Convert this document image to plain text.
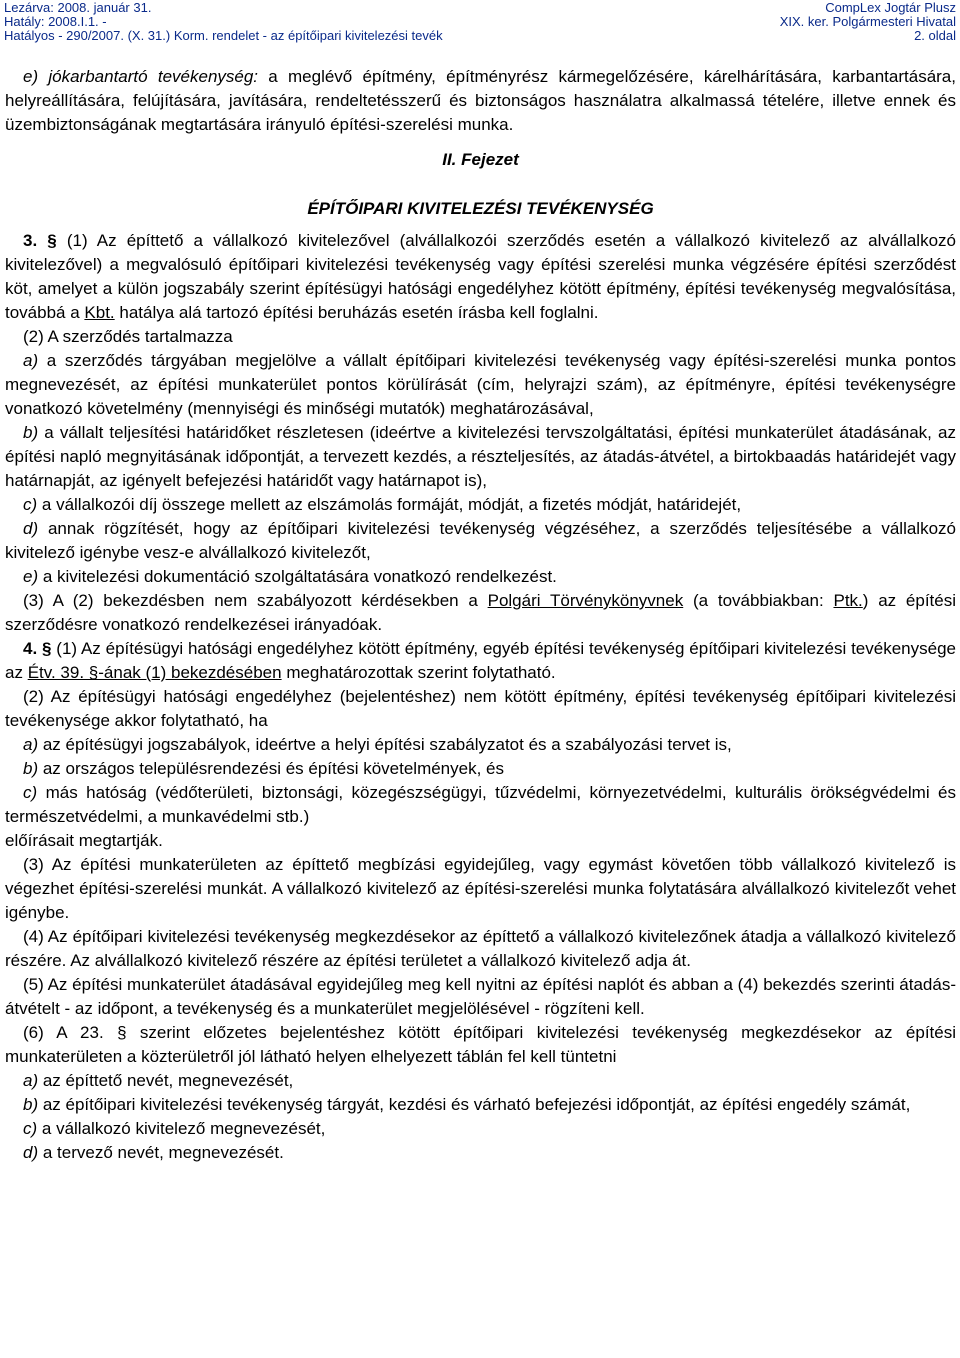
Lezárva: 2008. január 31.
Hatály: 2008.I.1. -
Hatályos - 290/2007. (X. 31.) Korm. rendelet - az építőipari kivitelezési tevék
CompLex Jogtár Plusz
XIX. ker. Polgármesteri Hivatal
2. oldal

e) jókarbantartó tevékenység: a meglévő építmény, építményrész kármegelőzésére, kárelhárítására, karbantartására, helyreállítására, felújítására, javítására, rendeltetésszerű és biztonságos használatra alkalmassá tételére, illetve ennek és üzembiztonságának megtartására irányuló építési-szerelési munka.

II. Fejezet

ÉPÍTŐIPARI KIVITELEZÉSI TEVÉKENYSÉG

3. § (1) Az építtető a vállalkozó kivitelezővel (alvállalkozói szerződés esetén a vállalkozó kivitelező az alvállalkozó kivitelezővel) a megvalósuló építőipari kivitelezési tevékenység vagy építési szerelési munka végzésére építési szerződést köt, amelyet a külön jogszabály szerint építésügyi hatósági engedélyhez kötött építmény, építési tevékenység megvalósítása, továbbá a Kbt. hatálya alá tartozó építési beruházás esetén írásba kell foglalni.

(2) A szerződés tartalmazza

a) a szerződés tárgyában megjelölve a vállalt építőipari kivitelezési tevékenység vagy építési-szerelési munka pontos megnevezését, az építési munkaterület pontos körülírását (cím, helyrajzi szám), az építményre, építési tevékenységre vonatkozó követelmény (mennyiségi és minőségi mutatók) meghatározásával,

b) a vállalt teljesítési határidőket részletesen (ideértve a kivitelezési tervszolgáltatási, építési munkaterület átadásának, az építési napló megnyitásának időpontját, a tervezett kezdés, a részteljesítés, az átadás-átvétel, a birtokbaadás határidejét vagy határnapját, az igényelt befejezési határidőt vagy határnapot is),

c) a vállalkozói díj összege mellett az elszámolás formáját, módját, a fizetés módját, határidejét,

d) annak rögzítését, hogy az építőipari kivitelezési tevékenység végzéséhez, a szerződés teljesítésébe a vállalkozó kivitelező igénybe vesz-e alvállalkozó kivitelezőt,

e) a kivitelezési dokumentáció szolgáltatására vonatkozó rendelkezést.

(3) A (2) bekezdésben nem szabályozott kérdésekben a Polgári Törvénykönyvnek (a továbbiakban: Ptk.) az építési szerződésre vonatkozó rendelkezései irányadóak.

4. § (1) Az építésügyi hatósági engedélyhez kötött építmény, egyéb építési tevékenység építőipari kivitelezési tevékenysége az Étv. 39. §-ának (1) bekezdésében meghatározottak szerint folytatható.

(2) Az építésügyi hatósági engedélyhez (bejelentéshez) nem kötött építmény, építési tevékenység építőipari kivitelezési tevékenysége akkor folytatható, ha

a) az építésügyi jogszabályok, ideértve a helyi építési szabályzatot és a szabályozási tervet is,

b) az országos településrendezési és építési követelmények, és

c) más hatóság (védőterületi, biztonsági, közegészségügyi, tűzvédelmi, környezetvédelmi, kulturális örökségvédelmi és természetvédelmi, a munkavédelmi stb.)

előírásait megtartják.

(3) Az építési munkaterületen az építtető megbízási egyidejűleg, vagy egymást követően több vállalkozó kivitelező is végezhet építési-szerelési munkát. A vállalkozó kivitelező az építési-szerelési munka folytatására alvállalkozó kivitelezőt vehet igénybe.

(4) Az építőipari kivitelezési tevékenység megkezdésekor az építtető a vállalkozó kivitelezőnek átadja a vállalkozó kivitelező részére. Az alvállalkozó kivitelező részére az építési területet a vállalkozó kivitelező adja át.

(5) Az építési munkaterület átadásával egyidejűleg meg kell nyitni az építési naplót és abban a (4) bekezdés szerinti átadás-átvételt - az időpont, a tevékenység és a munkaterület megjelölésével - rögzíteni kell.

(6) A 23. § szerint előzetes bejelentéshez kötött építőipari kivitelezési tevékenység megkezdésekor az építési munkaterületen a közterületről jól látható helyen elhelyezett táblán fel kell tüntetni

a) az építtető nevét, megnevezését,

b) az építőipari kivitelezési tevékenység tárgyát, kezdési és várható befejezési időpontját, az építési engedély számát,

c) a vállalkozó kivitelező megnevezését,

d) a tervező nevét, megnevezését.
